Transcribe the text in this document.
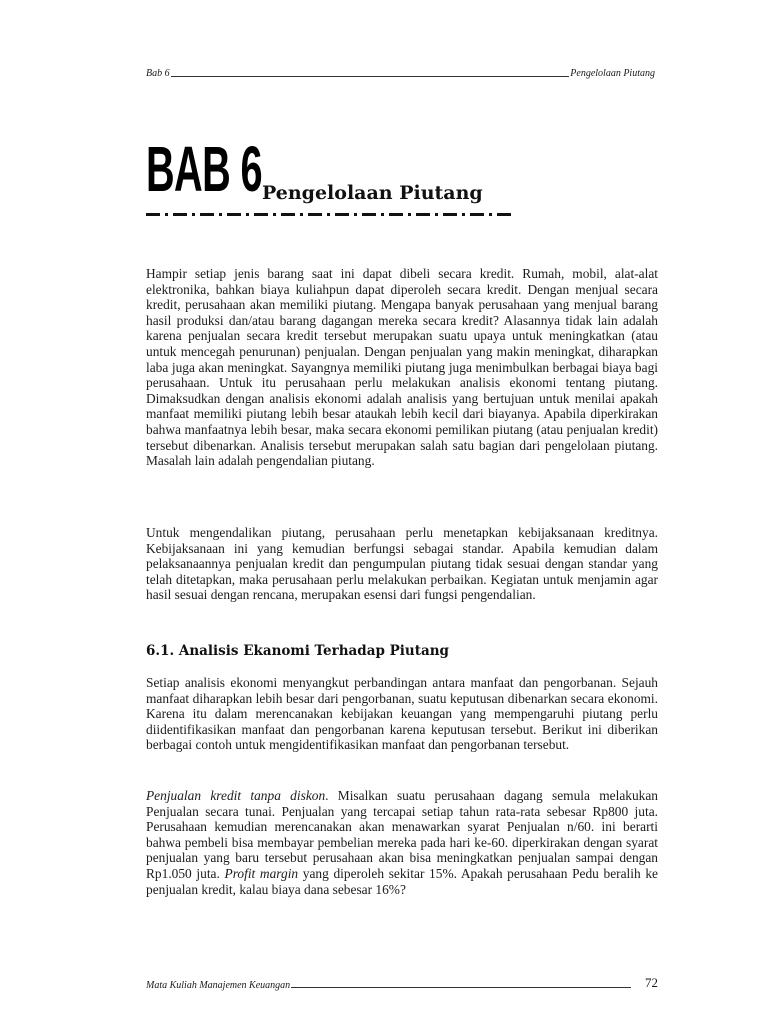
Bab 6	Pengelolaan Piutang
BAB 6 Pengelolaan Piutang

Hampir setiap jenis barang saat ini dapat dibeli secara kredit. Rumah, mobil, alat-alat elektronika, bahkan biaya kuliahpun dapat diperoleh secara kredit. Dengan menjual secara kredit, perusahaan akan memiliki piutang. Mengapa banyak perusahaan yang menjual barang hasil produksi dan/atau barang dagangan mereka secara kredit? Alasannya tidak lain adalah karena penjualan secara kredit tersebut merupakan suatu upaya untuk meningkatkan (atau untuk mencegah penurunan) penjualan. Dengan penjualan yang makin meningkat, diharapkan laba juga akan meningkat. Sayangnya memiliki piutang juga menimbulkan berbagai biaya bagi perusahaan. Untuk itu perusahaan perlu melakukan analisis ekonomi tentang piutang. Dimaksudkan dengan analisis ekonomi adalah analisis yang bertujuan untuk menilai apakah manfaat memiliki piutang lebih besar ataukah lebih kecil dari biayanya. Apabila diperkirakan bahwa manfaatnya lebih besar, maka secara ekonomi pemilikan piutang (atau penjualan kredit) tersebut dibenarkan. Analisis tersebut merupakan salah satu bagian dari pengelolaan piutang. Masalah lain adalah pengendalian piutang.

Untuk mengendalikan piutang, perusahaan perlu menetapkan kebijaksanaan kreditnya. Kebijaksanaan ini yang kemudian berfungsi sebagai standar. Apabila kemudian dalam pelaksanaannya penjualan kredit dan pengumpulan piutang tidak sesuai dengan standar yang telah ditetapkan, maka perusahaan perlu melakukan perbaikan. Kegiatan untuk menjamin agar hasil sesuai dengan rencana, merupakan esensi dari fungsi pengendalian.

6.1. Analisis Ekanomi Terhadap Piutang

Setiap analisis ekonomi menyangkut perbandingan antara manfaat dan pengorbanan. Sejauh manfaat diharapkan lebih besar dari pengorbanan, suatu keputusan dibenarkan secara ekonomi. Karena itu dalam merencanakan kebijakan keuangan yang mempengaruhi piutang perlu diidentifikasikan manfaat dan pengorbanan karena keputusan tersebut. Berikut ini diberikan berbagai contoh untuk mengidentifikasikan manfaat dan pengorbanan tersebut.

Penjualan kredit tanpa diskon. Misalkan suatu perusahaan dagang semula melakukan Penjualan secara tunai. Penjualan yang tercapai setiap tahun rata-rata sebesar Rp800 juta. Perusahaan kemudian merencanakan akan menawarkan syarat Penjualan n/60. ini berarti bahwa pembeli bisa membayar pembelian mereka pada hari ke-60. diperkirakan dengan syarat penjualan yang baru tersebut perusahaan akan bisa meningkatkan penjualan sampai dengan Rp1.050 juta. Profit margin yang diperoleh sekitar 15%. Apakah perusahaan Pedu beralih ke penjualan kredit, kalau biaya dana sebesar 16%?

Mata Kuliah Manajemen Keuangan	72
